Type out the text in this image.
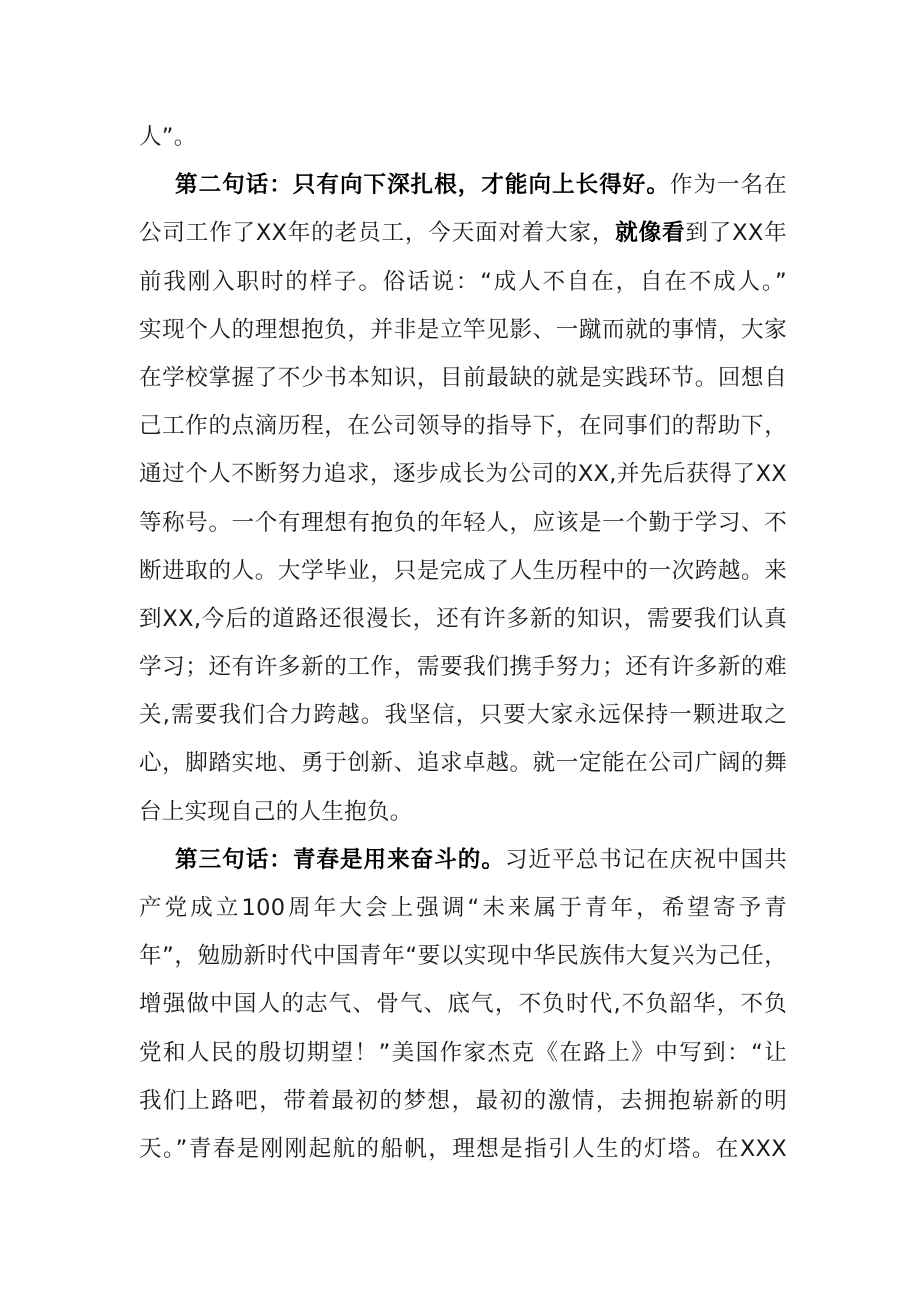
人”。
第二句话：只有向下深扎根，才能向上长得好。作为一名在
公司工作了XX年的老员工，今天面对着大家，就像看到了XX年
前我刚入职时的样子。俗话说：“成人不自在，自在不成人。”
实现个人的理想抱负，并非是立竿见影、一蹴而就的事情，大家
在学校掌握了不少书本知识，目前最缺的就是实践环节。回想自
己工作的点滴历程，在公司领导的指导下，在同事们的帮助下，
通过个人不断努力追求，逐步成长为公司的XX,并先后获得了XX
等称号。一个有理想有抱负的年轻人，应该是一个勤于学习、不
断进取的人。大学毕业，只是完成了人生历程中的一次跨越。来
到XX,今后的道路还很漫长，还有许多新的知识，需要我们认真
学习；还有许多新的工作，需要我们携手努力；还有许多新的难
关,需要我们合力跨越。我坚信，只要大家永远保持一颗进取之
心，脚踏实地、勇于创新、追求卓越。就一定能在公司广阔的舞
台上实现自己的人生抱负。
第三句话：青春是用来奋斗的。习近平总书记在庆祝中国共
产党成立100周年大会上强调“未来属于青年，希望寄予青
年”，勉励新时代中国青年“要以实现中华民族伟大复兴为己任，
增强做中国人的志气、骨气、底气，不负时代,不负韶华，不负
党和人民的殷切期望！”美国作家杰克《在路上》中写到：“让
我们上路吧，带着最初的梦想，最初的激情，去拥抱崭新的明
天。”青春是刚刚起航的船帆，理想是指引人生的灯塔。在XXX
